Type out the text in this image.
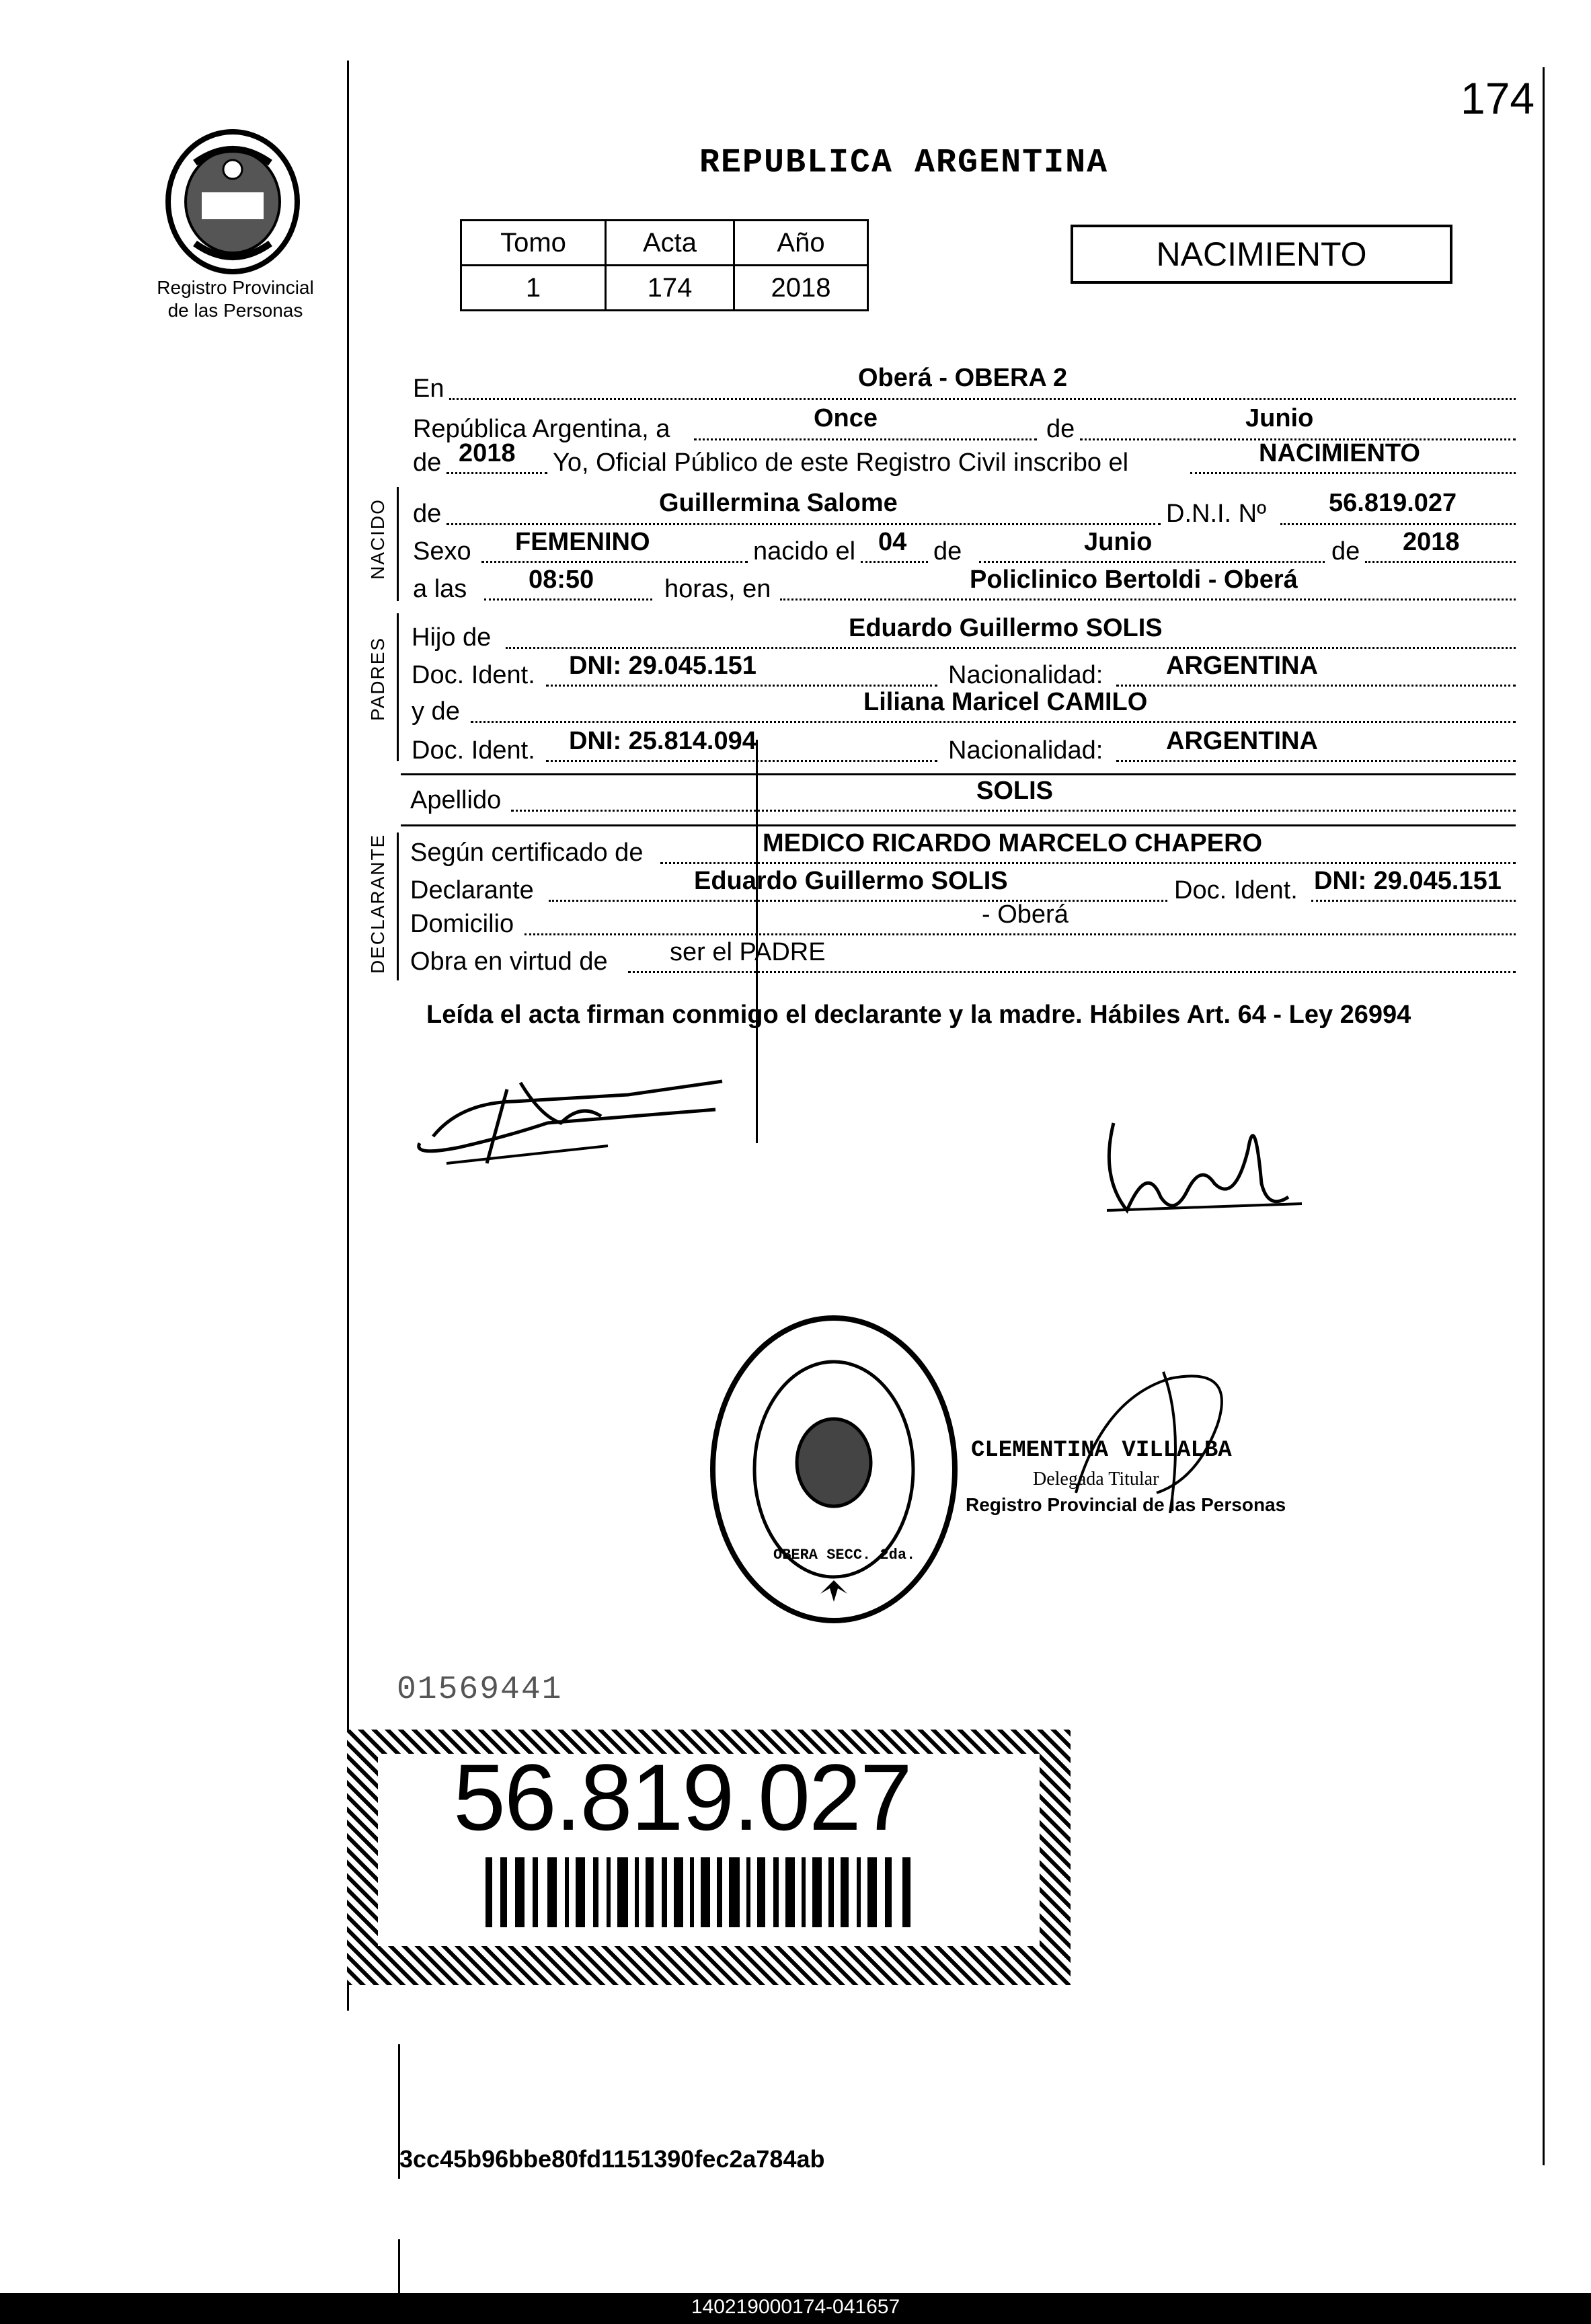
174
Registro Provincial
de las Personas
REPUBLICA ARGENTINA
Tomo	Acta	Año
1	174	2018
NACIMIENTO
NACIDO
PADRES
DECLARANTE
En	Oberá - OBERA 2
República Argentina, a	Once	de	Junio
de 2018 Yo, Oficial Público de este Registro Civil inscribo el	NACIMIENTO
de	Guillermina Salome	D.N.I. Nº 56.819.027
Sexo FEMENINO	nacido el 04 de	Junio	de 2018
a las 08:50	horas, en	Policlinico Bertoldi - Oberá
Hijo de	Eduardo Guillermo SOLIS
Doc. Ident. DNI: 29.045.151	Nacionalidad: ARGENTINA
y de	Liliana Maricel CAMILO
Doc. Ident. DNI: 25.814.094	Nacionalidad: ARGENTINA
Apellido	SOLIS
Según certificado de	MEDICO RICARDO MARCELO CHAPERO
Declarante	Eduardo Guillermo SOLIS	Doc. Ident. DNI: 29.045.151
Domicilio	- Oberá
Obra en virtud de ser el PADRE
Leída el acta firman conmigo el declarante y la madre. Hábiles Art. 64 - Ley 26994
DELEGACION DEL REGISTRO PROVINCIAL DE LAS PERSONAS
OBERA SECC. 2da.
CLEMENTINA VILLALBA
Delegada Titular
Registro Provincial de las Personas
01569441
56.819.027
3cc45b96bbe80fd1151390fec2a784ab
140219000174-041657
